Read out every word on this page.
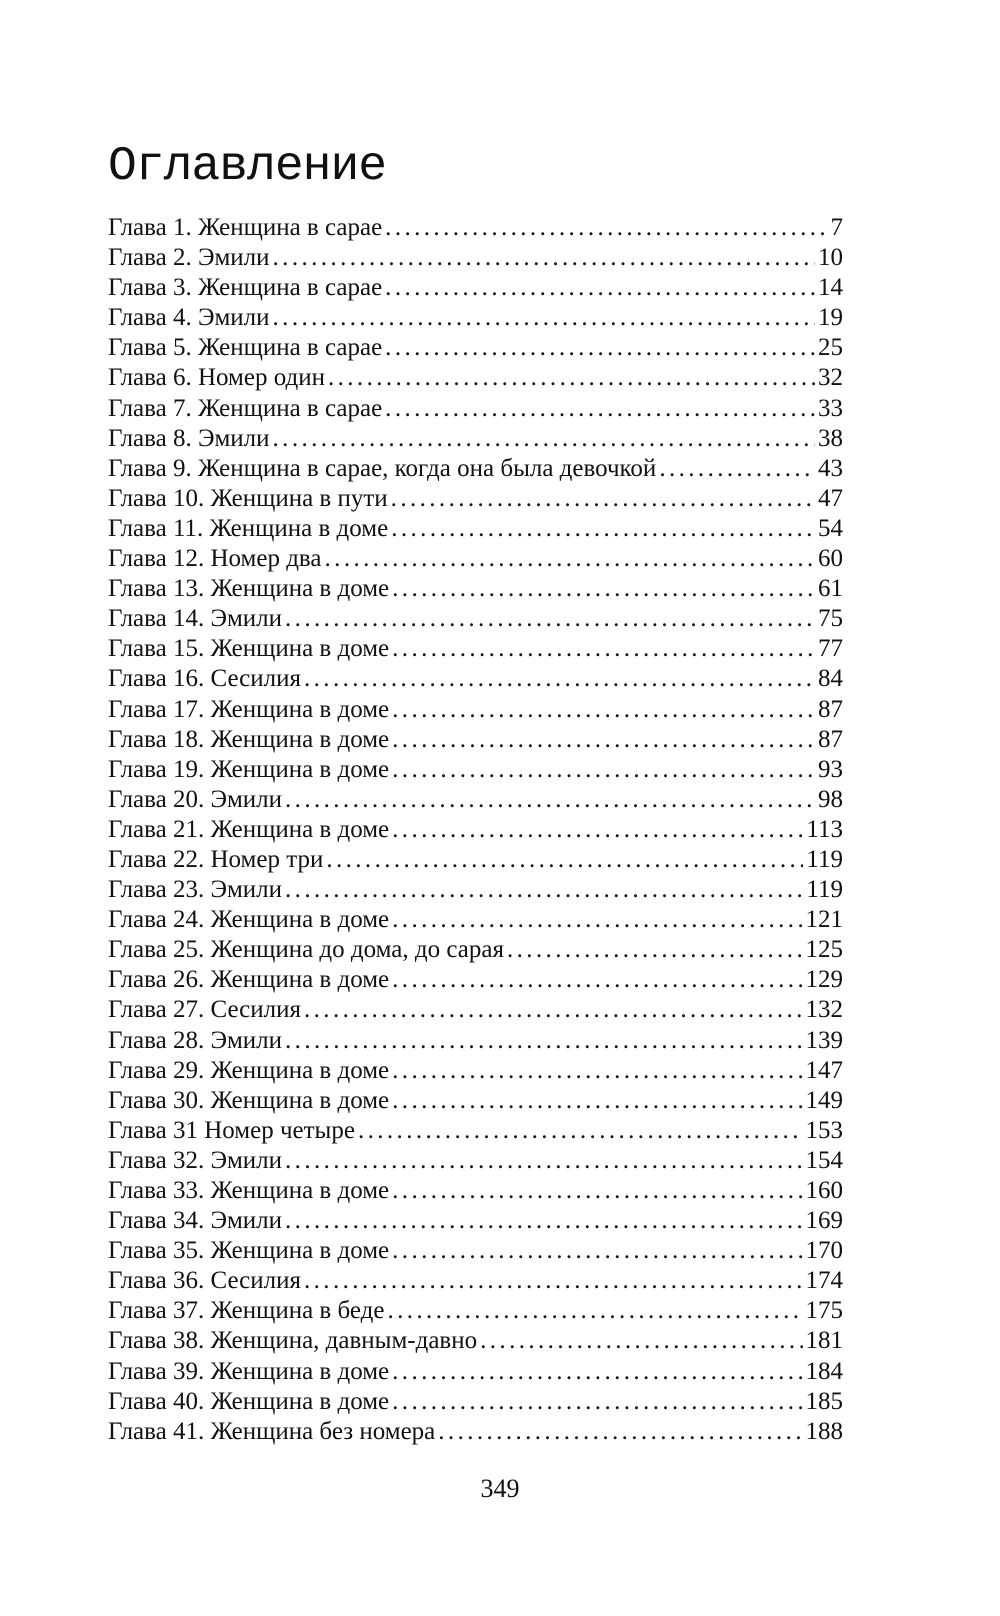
Оглавление
Глава 1. Женщина в сарае .....	7
Глава 2. Эмили .....	10
Глава 3. Женщина в сарае .....	14
Глава 4. Эмили .....	19
Глава 5. Женщина в сарае .....	25
Глава 6. Номер один .....	32
Глава 7. Женщина в сарае .....	33
Глава 8. Эмили .....	38
Глава 9. Женщина в сарае, когда она была девочкой .....	43
Глава 10. Женщина в пути .....	47
Глава 11. Женщина в доме .....	54
Глава 12. Номер два .....	60
Глава 13. Женщина в доме .....	61
Глава 14. Эмили .....	75
Глава 15. Женщина в доме .....	77
Глава 16. Сесилия .....	84
Глава 17. Женщина в доме .....	87
Глава 18. Женщина в доме .....	87
Глава 19. Женщина в доме .....	93
Глава 20. Эмили .....	98
Глава 21. Женщина в доме .....	113
Глава 22. Номер три .....	119
Глава 23. Эмили .....	119
Глава 24. Женщина в доме .....	121
Глава 25. Женщина до дома, до сарая .....	125
Глава 26. Женщина в доме .....	129
Глава 27. Сесилия .....	132
Глава 28. Эмили .....	139
Глава 29. Женщина в доме .....	147
Глава 30. Женщина в доме .....	149
Глава 31 Номер четыре .....	153
Глава 32. Эмили .....	154
Глава 33. Женщина в доме .....	160
Глава 34. Эмили .....	169
Глава 35. Женщина в доме .....	170
Глава 36. Сесилия .....	174
Глава 37. Женщина в беде .....	175
Глава 38. Женщина, давным-давно .....	181
Глава 39. Женщина в доме .....	184
Глава 40. Женщина в доме .....	185
Глава 41. Женщина без номера .....	188
349
